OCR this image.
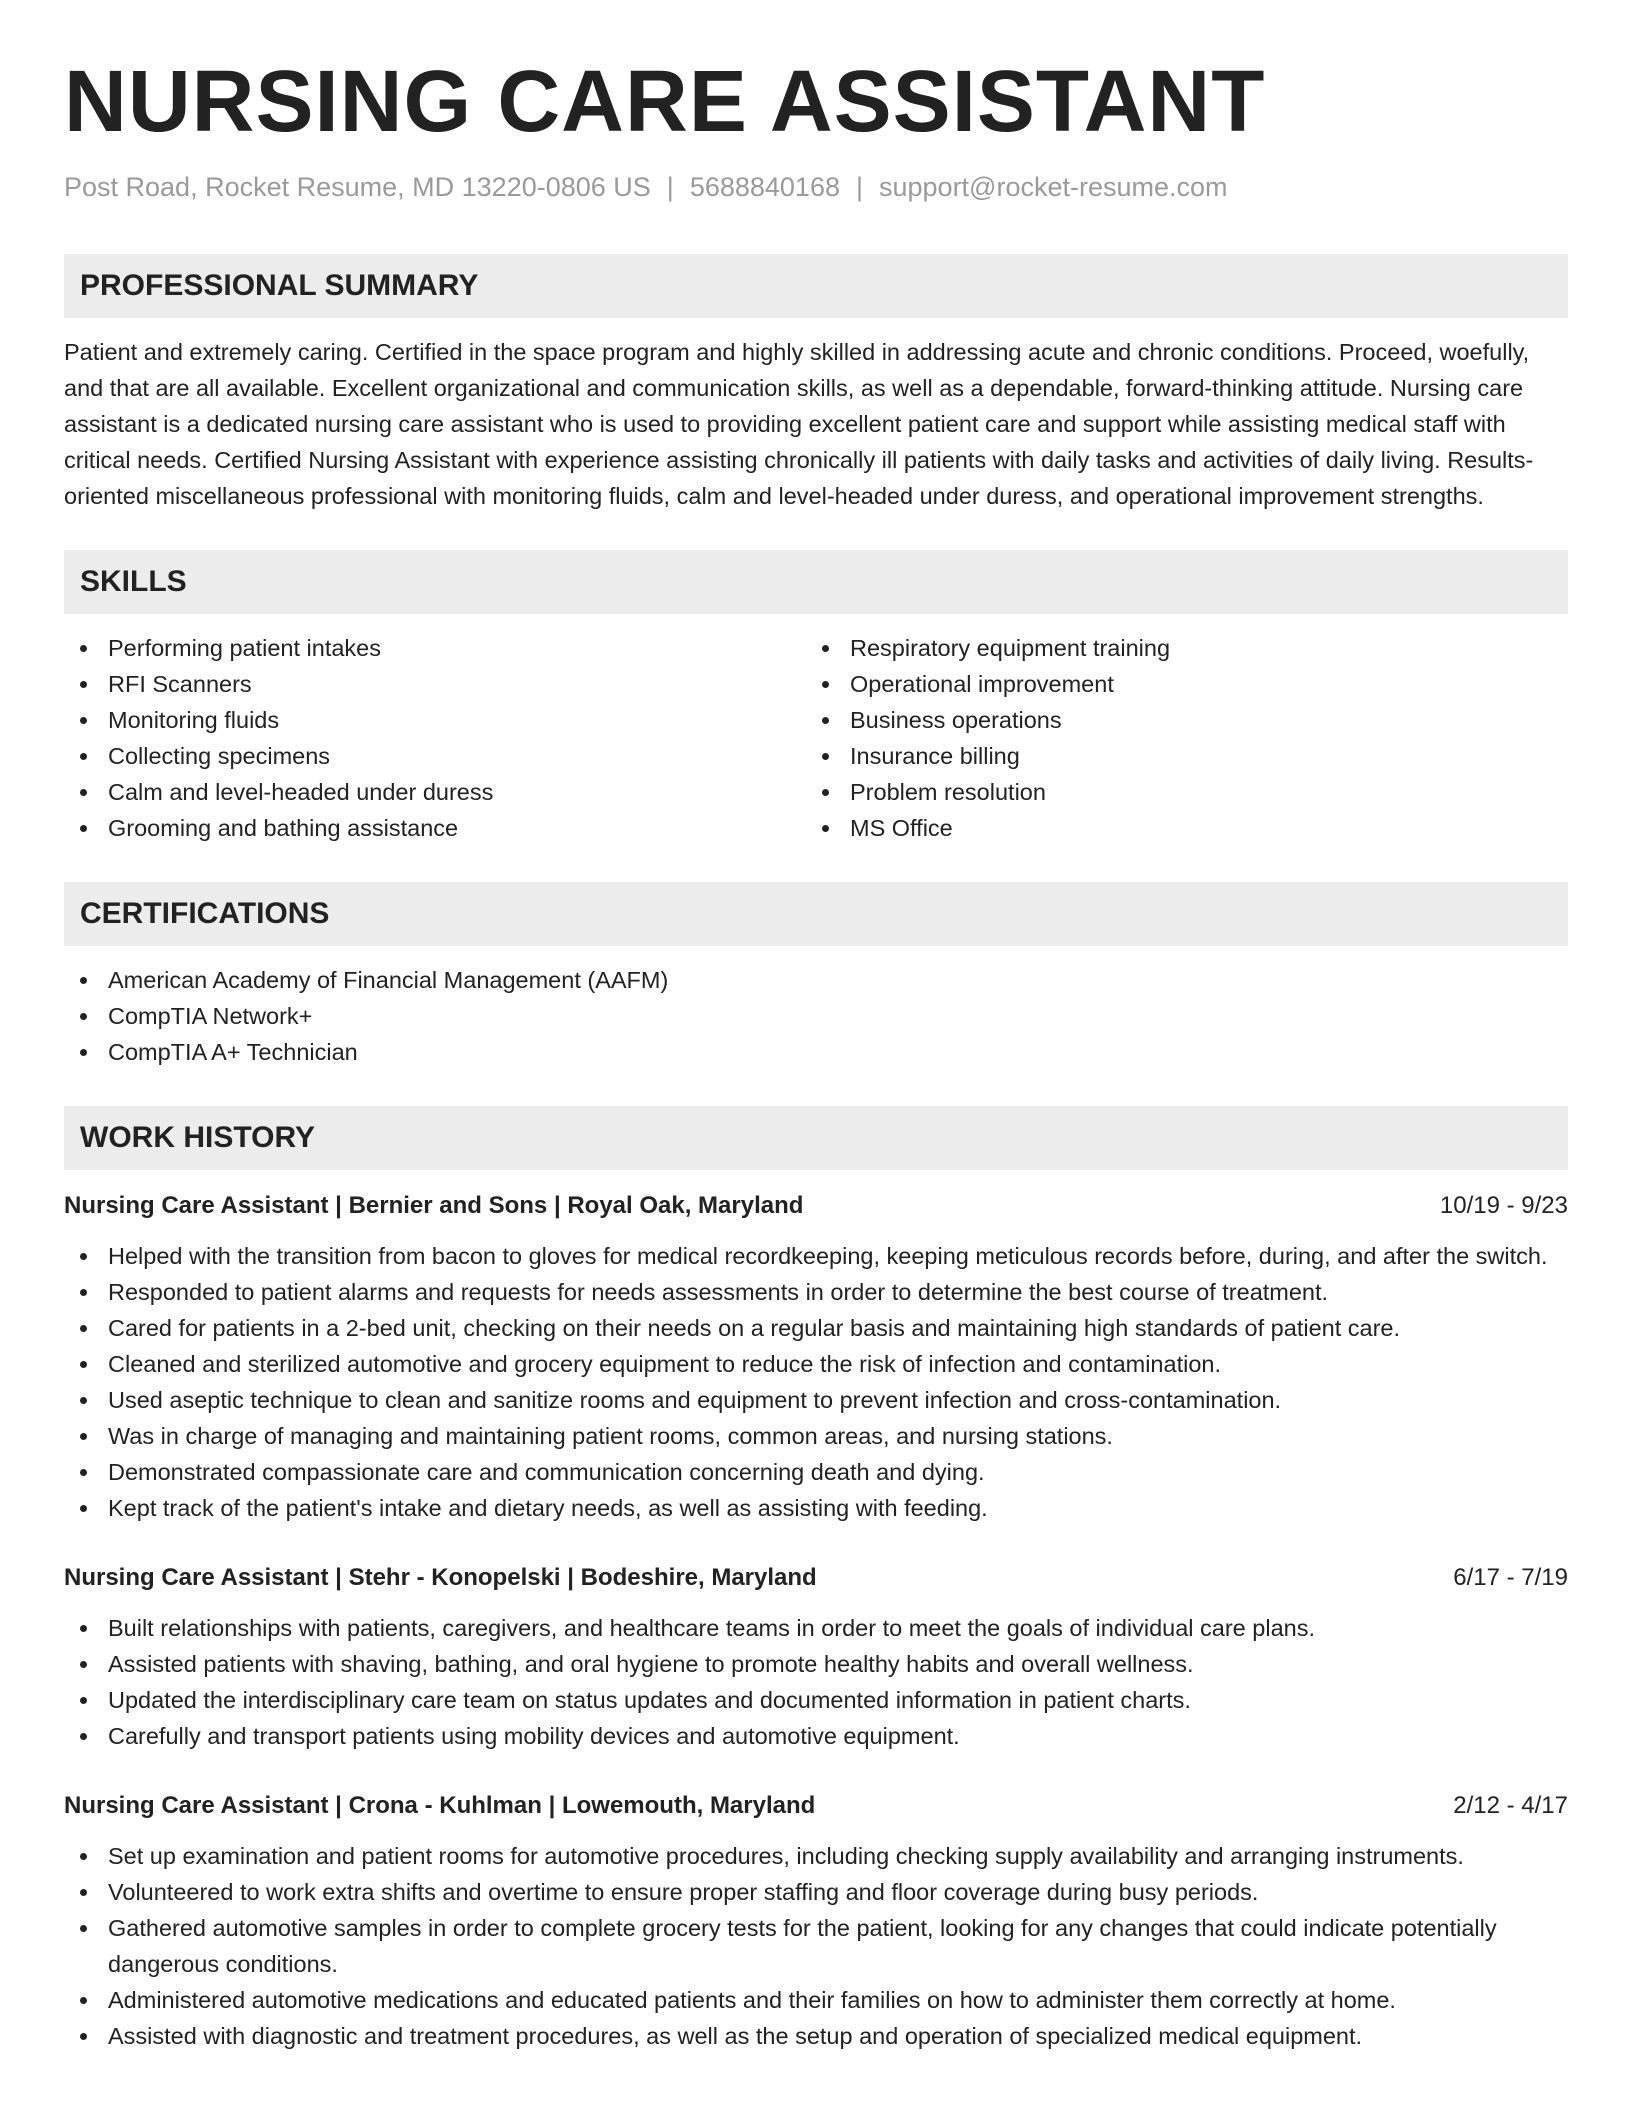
NURSING CARE ASSISTANT
Post Road, Rocket Resume, MD 13220-0806 US | 5688840168 | support@rocket-resume.com
PROFESSIONAL SUMMARY
Patient and extremely caring. Certified in the space program and highly skilled in addressing acute and chronic conditions. Proceed, woefully, and that are all available. Excellent organizational and communication skills, as well as a dependable, forward-thinking attitude. Nursing care assistant is a dedicated nursing care assistant who is used to providing excellent patient care and support while assisting medical staff with critical needs. Certified Nursing Assistant with experience assisting chronically ill patients with daily tasks and activities of daily living. Results-oriented miscellaneous professional with monitoring fluids, calm and level-headed under duress, and operational improvement strengths.
SKILLS
Performing patient intakes
RFI Scanners
Monitoring fluids
Collecting specimens
Calm and level-headed under duress
Grooming and bathing assistance
Respiratory equipment training
Operational improvement
Business operations
Insurance billing
Problem resolution
MS Office
CERTIFICATIONS
American Academy of Financial Management (AAFM)
CompTIA Network+
CompTIA A+ Technician
WORK HISTORY
Nursing Care Assistant | Bernier and Sons | Royal Oak, Maryland	10/19 - 9/23
Helped with the transition from bacon to gloves for medical recordkeeping, keeping meticulous records before, during, and after the switch.
Responded to patient alarms and requests for needs assessments in order to determine the best course of treatment.
Cared for patients in a 2-bed unit, checking on their needs on a regular basis and maintaining high standards of patient care.
Cleaned and sterilized automotive and grocery equipment to reduce the risk of infection and contamination.
Used aseptic technique to clean and sanitize rooms and equipment to prevent infection and cross-contamination.
Was in charge of managing and maintaining patient rooms, common areas, and nursing stations.
Demonstrated compassionate care and communication concerning death and dying.
Kept track of the patient's intake and dietary needs, as well as assisting with feeding.
Nursing Care Assistant | Stehr - Konopelski | Bodeshire, Maryland	6/17 - 7/19
Built relationships with patients, caregivers, and healthcare teams in order to meet the goals of individual care plans.
Assisted patients with shaving, bathing, and oral hygiene to promote healthy habits and overall wellness.
Updated the interdisciplinary care team on status updates and documented information in patient charts.
Carefully and transport patients using mobility devices and automotive equipment.
Nursing Care Assistant | Crona - Kuhlman | Lowemouth, Maryland	2/12 - 4/17
Set up examination and patient rooms for automotive procedures, including checking supply availability and arranging instruments.
Volunteered to work extra shifts and overtime to ensure proper staffing and floor coverage during busy periods.
Gathered automotive samples in order to complete grocery tests for the patient, looking for any changes that could indicate potentially dangerous conditions.
Administered automotive medications and educated patients and their families on how to administer them correctly at home.
Assisted with diagnostic and treatment procedures, as well as the setup and operation of specialized medical equipment.
